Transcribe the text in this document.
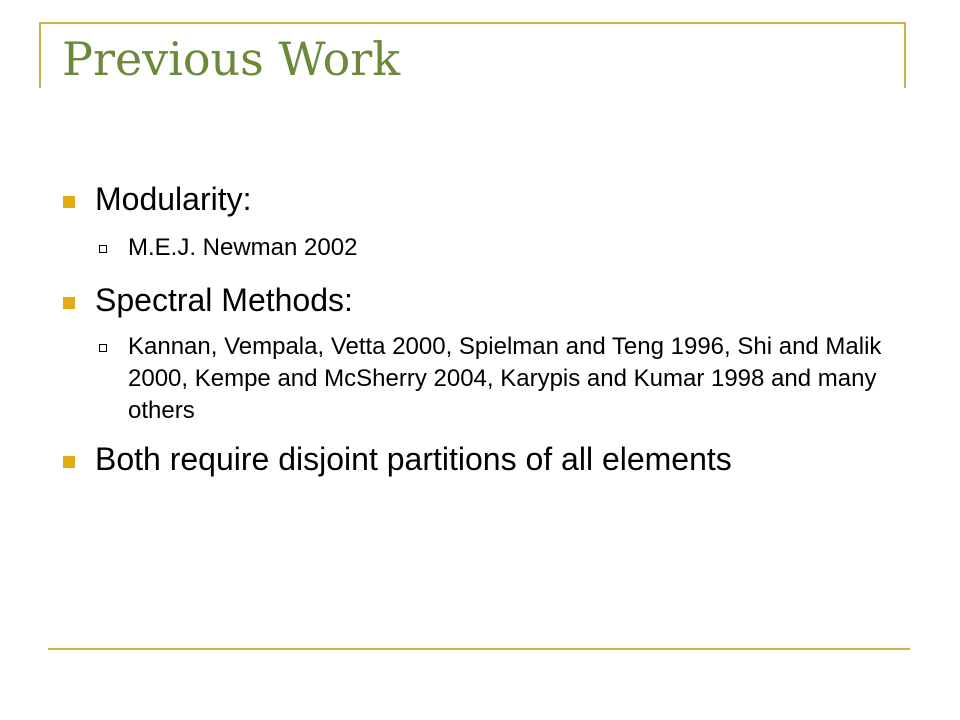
Previous Work
Modularity:
M.E.J. Newman 2002
Spectral Methods:
Kannan, Vempala, Vetta 2000, Spielman and Teng 1996, Shi and Malik 2000, Kempe and McSherry 2004, Karypis and Kumar 1998 and many others
Both require disjoint partitions of all elements
